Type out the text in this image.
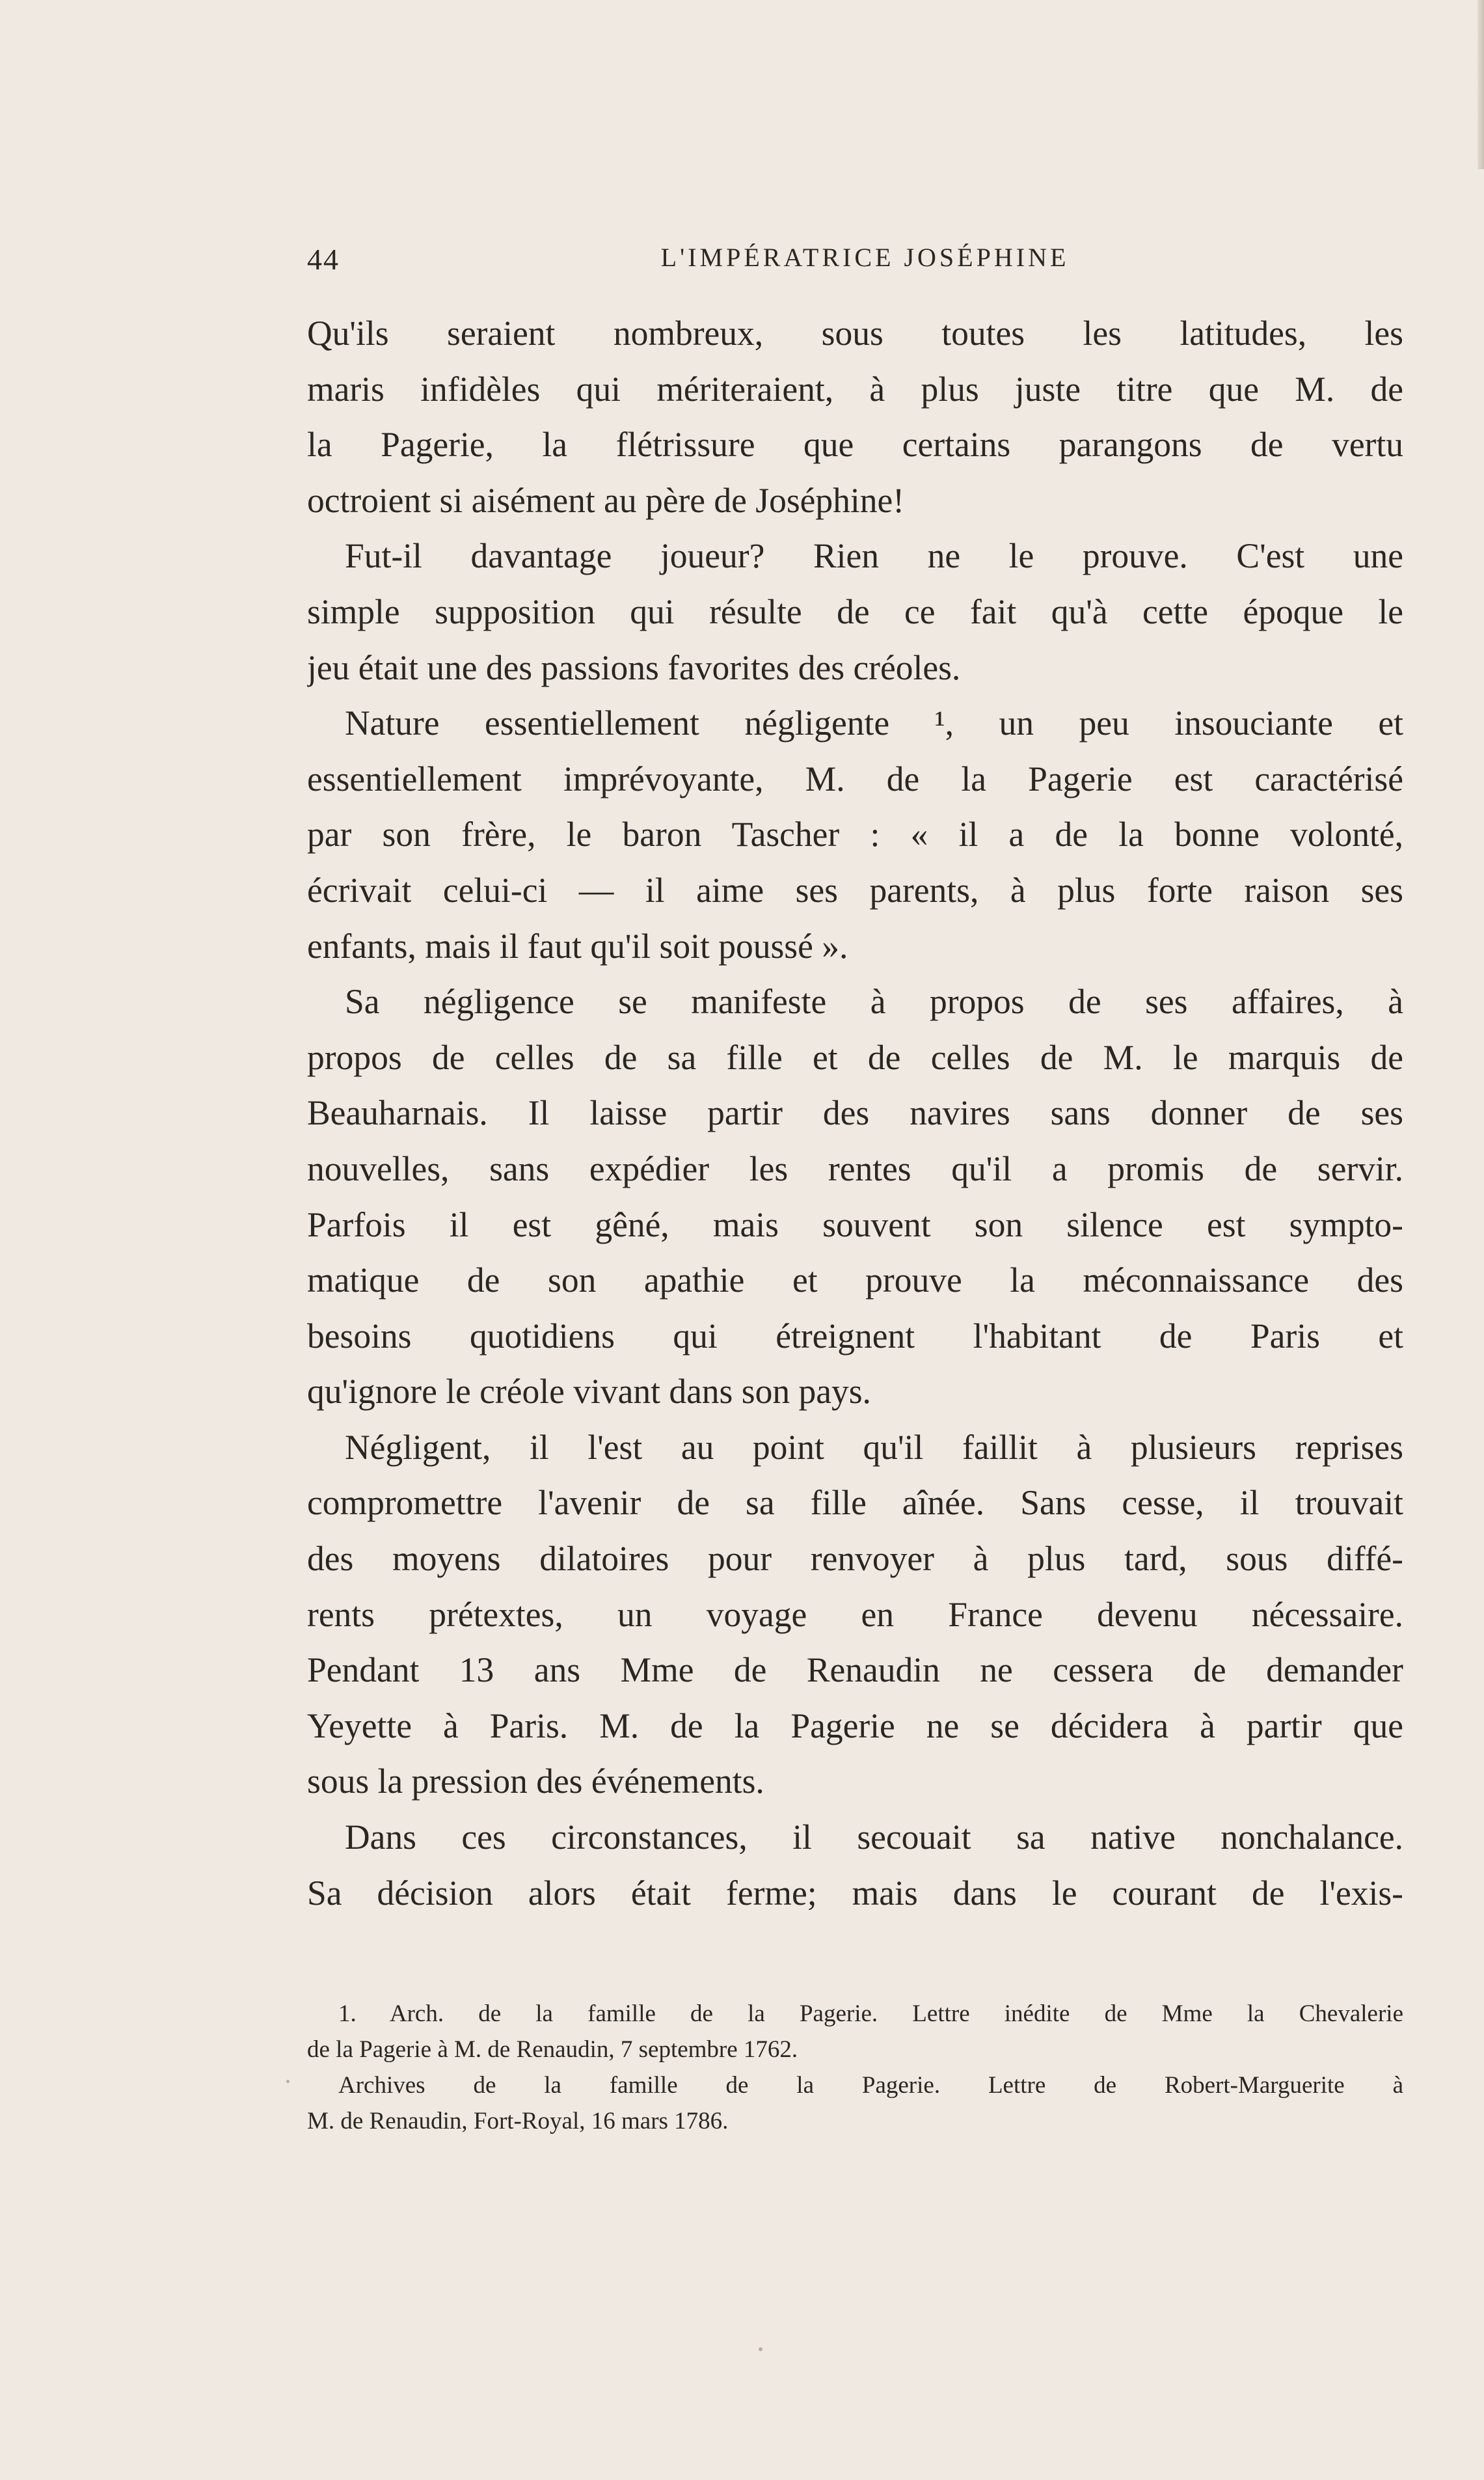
44	L'IMPÉRATRICE JOSÉPHINE
Qu'ils seraient nombreux, sous toutes les latitudes, les
maris infidèles qui mériteraient, à plus juste titre que M. de
la Pagerie, la flétrissure que certains parangons de vertu
octroient si aisément au père de Joséphine!
Fut-il davantage joueur? Rien ne le prouve. C'est une
simple supposition qui résulte de ce fait qu'à cette époque le
jeu était une des passions favorites des créoles.
Nature essentiellement négligente ¹, un peu insouciante et
essentiellement imprévoyante, M. de la Pagerie est caractérisé
par son frère, le baron Tascher : « il a de la bonne volonté,
écrivait celui-ci — il aime ses parents, à plus forte raison ses
enfants, mais il faut qu'il soit poussé ».
Sa négligence se manifeste à propos de ses affaires, à
propos de celles de sa fille et de celles de M. le marquis de
Beauharnais. Il laisse partir des navires sans donner de ses
nouvelles, sans expédier les rentes qu'il a promis de servir.
Parfois il est gêné, mais souvent son silence est sympto-
matique de son apathie et prouve la méconnaissance des
besoins quotidiens qui étreignent l'habitant de Paris et
qu'ignore le créole vivant dans son pays.
Négligent, il l'est au point qu'il faillit à plusieurs reprises
compromettre l'avenir de sa fille aînée. Sans cesse, il trouvait
des moyens dilatoires pour renvoyer à plus tard, sous diffé-
rents prétextes, un voyage en France devenu nécessaire.
Pendant 13 ans Mme de Renaudin ne cessera de demander
Yeyette à Paris. M. de la Pagerie ne se décidera à partir que
sous la pression des événements.
Dans ces circonstances, il secouait sa native nonchalance.
Sa décision alors était ferme; mais dans le courant de l'exis-
1. Arch. de la famille de la Pagerie. Lettre inédite de Mme la Chevalerie
de la Pagerie à M. de Renaudin, 7 septembre 1762.
Archives de la famille de la Pagerie. Lettre de Robert-Marguerite à
M. de Renaudin, Fort-Royal, 16 mars 1786.
